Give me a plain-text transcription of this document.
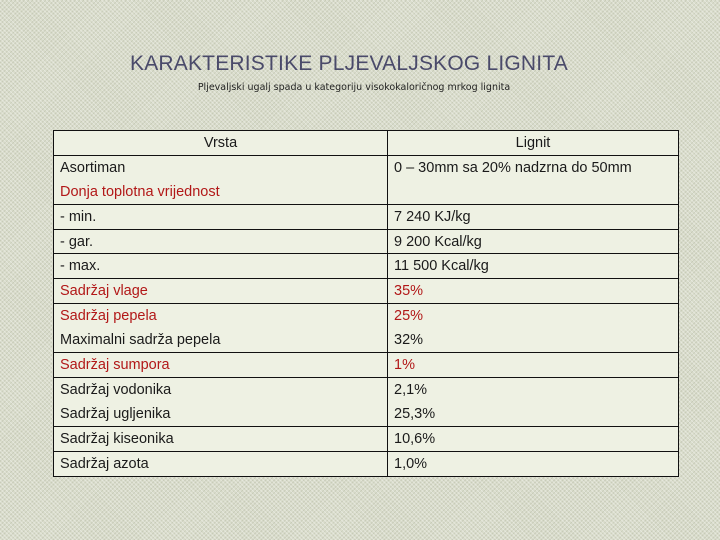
KARAKTERISTIKE PLJEVALJSKOG LIGNITA
Pljevaljski ugalj spada u kategoriju visokokaloričnog mrkog lignita
Vrsta	Lignit
Asortiman	0 – 30mm sa 20% nadzrna do 50mm
Donja toplotna vrijednost	
- min.	7 240 KJ/kg
- gar.	9 200 Kcal/kg
- max.	11 500 Kcal/kg
Sadržaj vlage	35%
Sadržaj pepela	25%
Maximalni sadrža pepela	32%
Sadržaj sumpora	1%
Sadržaj vodonika	2,1%
Sadržaj ugljenika	25,3%
Sadržaj kiseonika	10,6%
Sadržaj azota	1,0%
